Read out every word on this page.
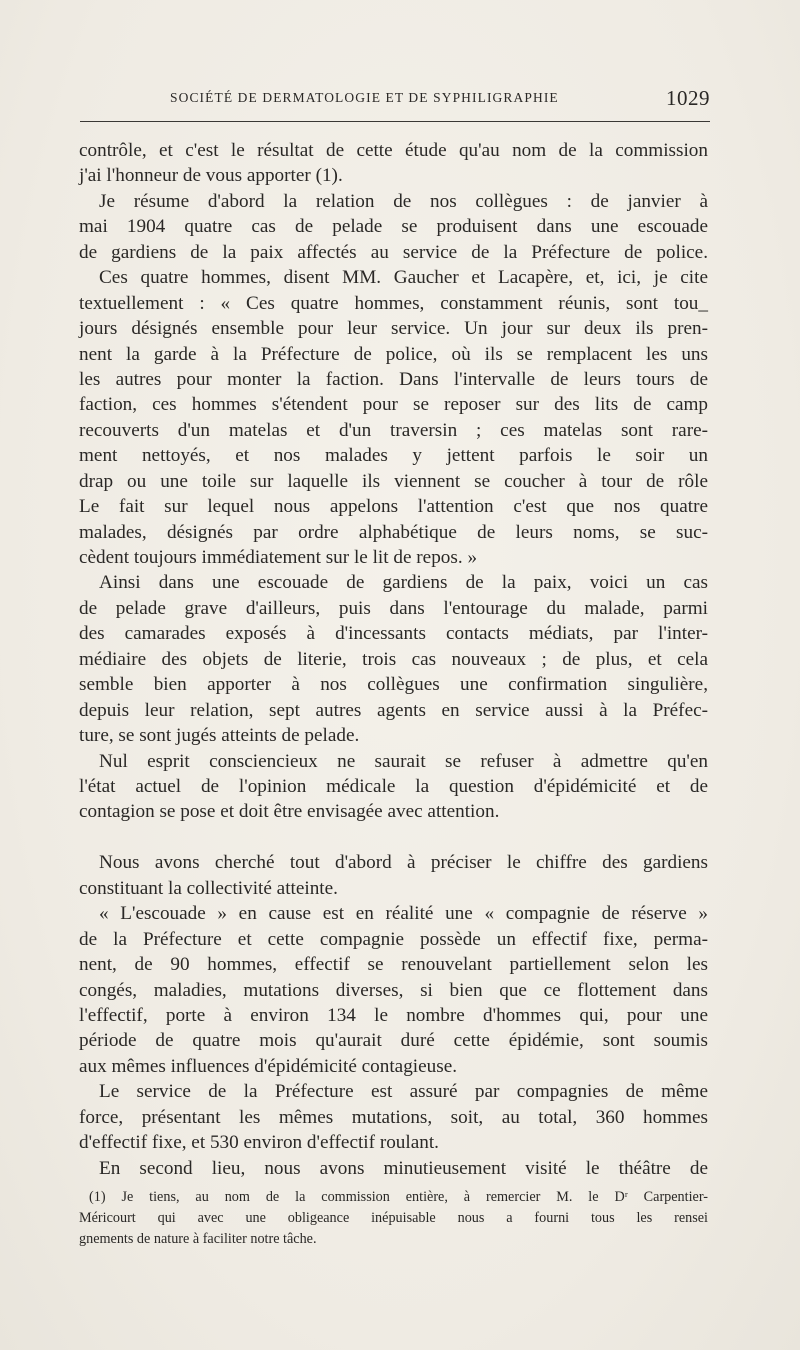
SOCIÉTÉ DE DERMATOLOGIE ET DE SYPHILIGRAPHIE	1029
contrôle, et c'est le résultat de cette étude qu'au nom de la commission
j'ai l'honneur de vous apporter (1).
Je résume d'abord la relation de nos collègues : de janvier à
mai 1904 quatre cas de pelade se produisent dans une escouade
de gardiens de la paix affectés au service de la Préfecture de police.
Ces quatre hommes, disent MM. Gaucher et Lacapère, et, ici, je cite
textuellement : « Ces quatre hommes, constamment réunis, sont tou_
jours désignés ensemble pour leur service. Un jour sur deux ils pren-
nent la garde à la Préfecture de police, où ils se remplacent les uns
les autres pour monter la faction. Dans l'intervalle de leurs tours de
faction, ces hommes s'étendent pour se reposer sur des lits de camp
recouverts d'un matelas et d'un traversin ; ces matelas sont rare-
ment nettoyés, et nos malades y jettent parfois le soir un
drap ou une toile sur laquelle ils viennent se coucher à tour de rôle
Le fait sur lequel nous appelons l'attention c'est que nos quatre
malades, désignés par ordre alphabétique de leurs noms, se suc-
cèdent toujours immédiatement sur le lit de repos. »
Ainsi dans une escouade de gardiens de la paix, voici un cas
de pelade grave d'ailleurs, puis dans l'entourage du malade, parmi
des camarades exposés à d'incessants contacts médiats, par l'inter-
médiaire des objets de literie, trois cas nouveaux ; de plus, et cela
semble bien apporter à nos collègues une confirmation singulière,
depuis leur relation, sept autres agents en service aussi à la Préfec-
ture, se sont jugés atteints de pelade.
Nul esprit consciencieux ne saurait se refuser à admettre qu'en
l'état actuel de l'opinion médicale la question d'épidémicité et de
contagion se pose et doit être envisagée avec attention.
Nous avons cherché tout d'abord à préciser le chiffre des gardiens
constituant la collectivité atteinte.
« L'escouade » en cause est en réalité une « compagnie de réserve »
de la Préfecture et cette compagnie possède un effectif fixe, perma-
nent, de 90 hommes, effectif se renouvelant partiellement selon les
congés, maladies, mutations diverses, si bien que ce flottement dans
l'effectif, porte à environ 134 le nombre d'hommes qui, pour une
période de quatre mois qu'aurait duré cette épidémie, sont soumis
aux mêmes influences d'épidémicité contagieuse.
Le service de la Préfecture est assuré par compagnies de même
force, présentant les mêmes mutations, soit, au total, 360 hommes
d'effectif fixe, et 530 environ d'effectif roulant.
En second lieu, nous avons minutieusement visité le théâtre de
(1) Je tiens, au nom de la commission entière, à remercier M. le Dʳ Carpentier-
Méricourt qui avec une obligeance inépuisable nous a fourni tous les rensei
gnements de nature à faciliter notre tâche.
